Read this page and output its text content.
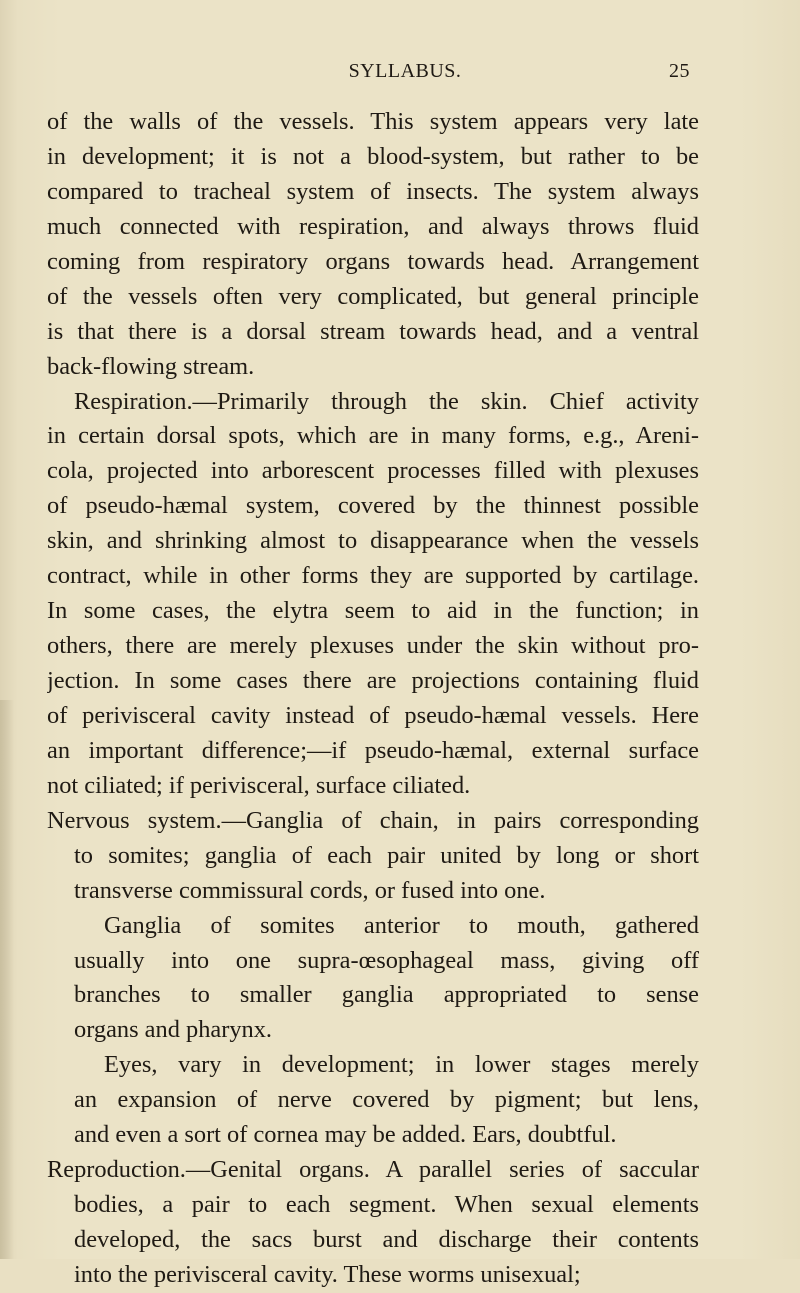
SYLLABUS.	25
of the walls of the vessels. This system appears very late
in development; it is not a blood-system, but rather to be
compared to tracheal system of insects. The system always
much connected with respiration, and always throws fluid
coming from respiratory organs towards head. Arrangement
of the vessels often very complicated, but general principle
is that there is a dorsal stream towards head, and a ventral
back-flowing stream.
Respiration.—Primarily through the skin. Chief activity
in certain dorsal spots, which are in many forms, e.g., Areni-
cola, projected into arborescent processes filled with plexuses
of pseudo-hæmal system, covered by the thinnest possible
skin, and shrinking almost to disappearance when the vessels
contract, while in other forms they are supported by cartilage.
In some cases, the elytra seem to aid in the function; in
others, there are merely plexuses under the skin without pro-
jection. In some cases there are projections containing fluid
of perivisceral cavity instead of pseudo-hæmal vessels. Here
an important difference;—if pseudo-hæmal, external surface
not ciliated; if perivisceral, surface ciliated.
Nervous system.—Ganglia of chain, in pairs corresponding
to somites; ganglia of each pair united by long or short
transverse commissural cords, or fused into one.
Ganglia of somites anterior to mouth, gathered
usually into one supra-œsophageal mass, giving off
branches to smaller ganglia appropriated to sense
organs and pharynx.
Eyes, vary in development; in lower stages merely
an expansion of nerve covered by pigment; but lens,
and even a sort of cornea may be added. Ears, doubtful.
Reproduction.—Genital organs. A parallel series of saccular
bodies, a pair to each segment. When sexual elements
developed, the sacs burst and discharge their contents
into the perivisceral cavity. These worms unisexual;
